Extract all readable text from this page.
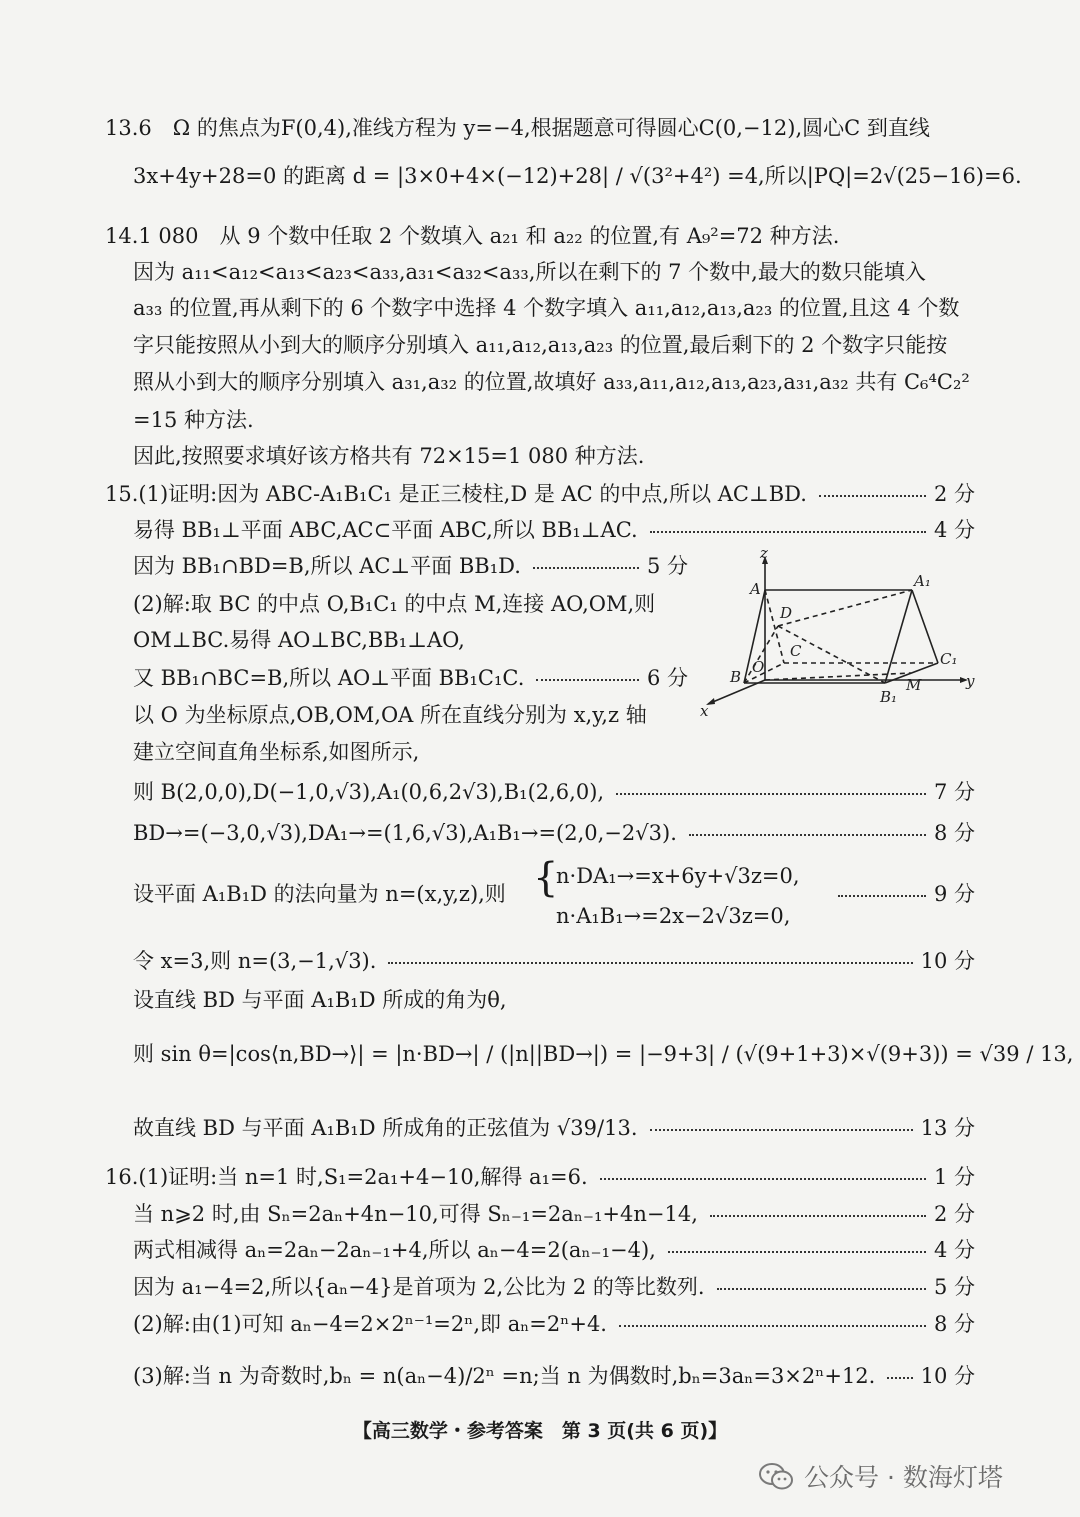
13.6　Ω 的焦点为F(0,4),准线方程为 y=−4,根据题意可得圆心C(0,−12),圆心C 到直线
3x+4y+28=0 的距离 d = |3×0+4×(−12)+28| / √(3²+4²) =4,所以|PQ|=2√(25−16)=6.
14.1 080　从 9 个数中任取 2 个数填入 a₂₁ 和 a₂₂ 的位置,有 A₉²=72 种方法.
因为 a₁₁<a₁₂<a₁₃<a₂₃<a₃₃,a₃₁<a₃₂<a₃₃,所以在剩下的 7 个数中,最大的数只能填入
a₃₃ 的位置,再从剩下的 6 个数字中选择 4 个数字填入 a₁₁,a₁₂,a₁₃,a₂₃ 的位置,且这 4 个数
字只能按照从小到大的顺序分别填入 a₁₁,a₁₂,a₁₃,a₂₃ 的位置,最后剩下的 2 个数字只能按
照从小到大的顺序分别填入 a₃₁,a₃₂ 的位置,故填好 a₃₃,a₁₁,a₁₂,a₁₃,a₂₃,a₃₁,a₃₂ 共有 C₆⁴C₂²
=15 种方法.
因此,按照要求填好该方格共有 72×15=1 080 种方法.
15.(1)证明:因为 ABC-A₁B₁C₁ 是正三棱柱,D 是 AC 的中点,所以 AC⊥BD.	2 分
易得 BB₁⊥平面 ABC,AC⊂平面 ABC,所以 BB₁⊥AC.	4 分
因为 BB₁∩BD=B,所以 AC⊥平面 BB₁D.	5 分
(2)解:取 BC 的中点 O,B₁C₁ 的中点 M,连接 AO,OM,则
OM⊥BC.易得 AO⊥BC,BB₁⊥AO,
又 BB₁∩BC=B,所以 AO⊥平面 BB₁C₁C.	6 分
以 O 为坐标原点,OB,OM,OA 所在直线分别为 x,y,z 轴
建立空间直角坐标系,如图所示,
z
A	A₁
D
C	C₁
O
B
B₁
M
x
y
则 B(2,0,0),D(−1,0,√3),A₁(0,6,2√3),B₁(2,6,0),	7 分
BD→=(−3,0,√3),DA₁→=(1,6,√3),A₁B₁→=(2,0,−2√3).	8 分
设平面 A₁B₁D 的法向量为 n=(x,y,z),则 {
n·DA₁→=x+6y+√3z=0,
n·A₁B₁→=2x−2√3z=0,
9 分
令 x=3,则 n=(3,−1,√3).	10 分
设直线 BD 与平面 A₁B₁D 所成的角为θ,
则 sin θ=|cos⟨n,BD→⟩| = |n·BD→| / (|n||BD→|) = |−9+3| / (√(9+1+3)×√(9+3)) = √39 / 13,
故直线 BD 与平面 A₁B₁D 所成角的正弦值为 √39/13.	13 分
16.(1)证明:当 n=1 时,S₁=2a₁+4−10,解得 a₁=6.	1 分
当 n⩾2 时,由 Sₙ=2aₙ+4n−10,可得 Sₙ₋₁=2aₙ₋₁+4n−14,	2 分
两式相减得 aₙ=2aₙ−2aₙ₋₁+4,所以 aₙ−4=2(aₙ₋₁−4),	4 分
因为 a₁−4=2,所以{aₙ−4}是首项为 2,公比为 2 的等比数列.	5 分
(2)解:由(1)可知 aₙ−4=2×2ⁿ⁻¹=2ⁿ,即 aₙ=2ⁿ+4.	8 分
(3)解:当 n 为奇数时,bₙ = n(aₙ−4)/2ⁿ =n;当 n 为偶数时,bₙ=3aₙ=3×2ⁿ+12. 10 分
【高三数学・参考答案　第 3 页(共 6 页)】
公众号 · 数海灯塔
